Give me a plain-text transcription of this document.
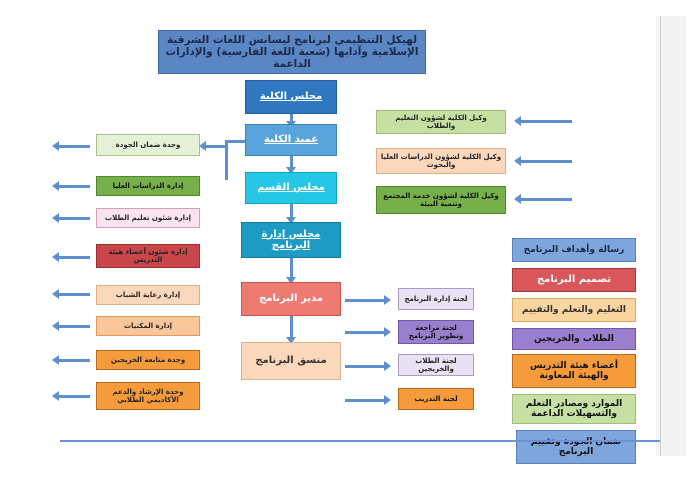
لهيكل التنظيمي لبرنامج ليسانس اللغات الشرقية الإسلامية وآدابها (شعبة اللغة الفارسية) والإدارات الداعمة
مجلس الكلية
عميد الكلية
مجلس القسم
مجلس إدارة البرنامج
مدير البرنامج
منسق البرنامج
وكيل الكلية لشؤون التعليم والطلاب
وكيل الكلية لشؤون الدراسات العليا والبحوث
وكيل الكلية لشؤون خدمة المجتمع وتنمية البيئة
وحدة ضمان الجودة
إدارة الدراسات العليا
إدارة شئون تعليم الطلاب
إدارة شئون أعضاء هيئة التدريس
إدارة رعاية الشباب
إدارة المكتبات
وحدة متابعة الخريجين
وحدة الإرشاد والدعم الأكاديمي الطلابي
لجنة إدارة البرنامج
لجنة مراجعة وتطوير البرنامج
لجنة الطلاب والخريجين
لجنة التدريب
رسالة وأهداف البرنامج
تصميم البرنامج
التعليم والتعلم والتقييم
الطلاب والخريجين
أعضاء هيئة التدريس والهيئة المعاونة
الموارد ومصادر التعلم والتسهيلات الداعمة
البرنامج
